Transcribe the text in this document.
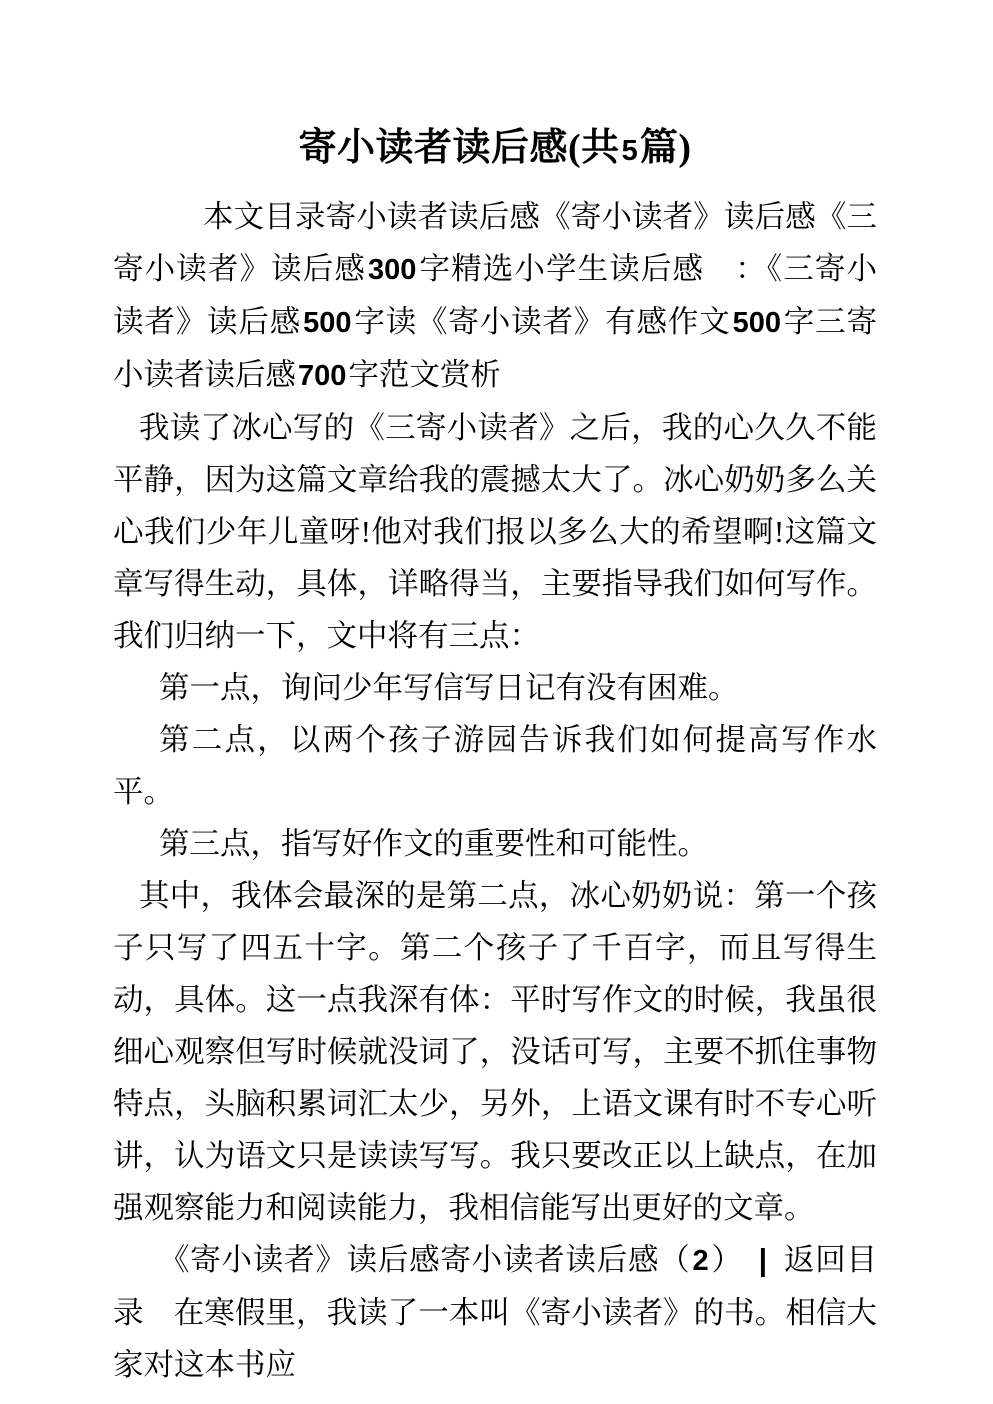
寄小读者读后感(共5篇)

本文目录寄小读者读后感《寄小读者》读后感《三寄小读者》读后感300字精选小学生读后感 ：《三寄小读者》读后感500字读《寄小读者》有感作文500字三寄小读者读后感700字范文赏析

我读了冰心写的《三寄小读者》之后，我的心久久不能平静，因为这篇文章给我的震撼太大了。冰心奶奶多么关心我们少年儿童呀!他对我们报以多么大的希望啊!这篇文章写得生动，具体，详略得当，主要指导我们如何写作。我们归纳一下，文中将有三点：

第一点，询问少年写信写日记有没有困难。

第二点，以两个孩子游园告诉我们如何提高写作水平。

第三点，指写好作文的重要性和可能性。

其中，我体会最深的是第二点，冰心奶奶说：第一个孩子只写了四五十字。第二个孩子了千百字，而且写得生动，具体。这一点我深有体：平时写作文的时候，我虽很细心观察但写时候就没词了，没话可写，主要不抓住事物特点，头脑积累词汇太少，另外，上语文课有时不专心听讲，认为语文只是读读写写。我只要改正以上缺点，在加强观察能力和阅读能力，我相信能写出更好的文章。

《寄小读者》读后感寄小读者读后感（2） | 返回目录 在寒假里，我读了一本叫《寄小读者》的书。相信大家对这本书应
